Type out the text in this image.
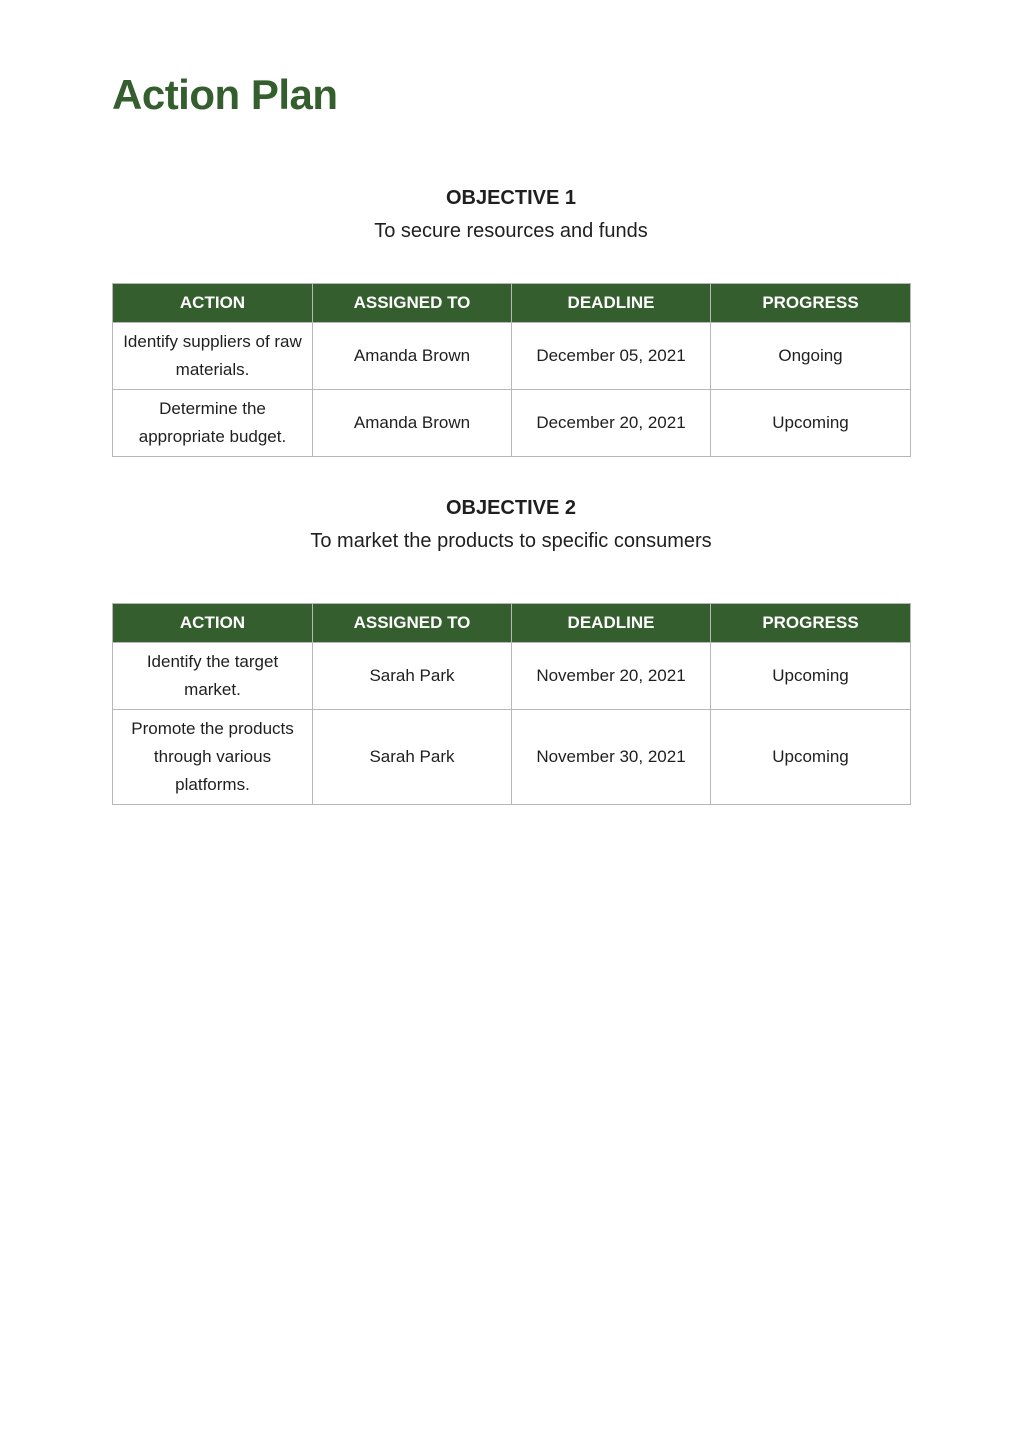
Action Plan
OBJECTIVE 1

To secure resources and funds

ACTION	ASSIGNED TO	DEADLINE	PROGRESS
Identify suppliers of raw materials.	Amanda Brown	December 05, 2021	Ongoing
Determine the appropriate budget.	Amanda Brown	December 20, 2021	Upcoming
OBJECTIVE 2

To market the products to specific consumers

ACTION	ASSIGNED TO	DEADLINE	PROGRESS
Identify the target market.	Sarah Park	November 20, 2021	Upcoming
Promote the products through various platforms.	Sarah Park	November 30, 2021	Upcoming
